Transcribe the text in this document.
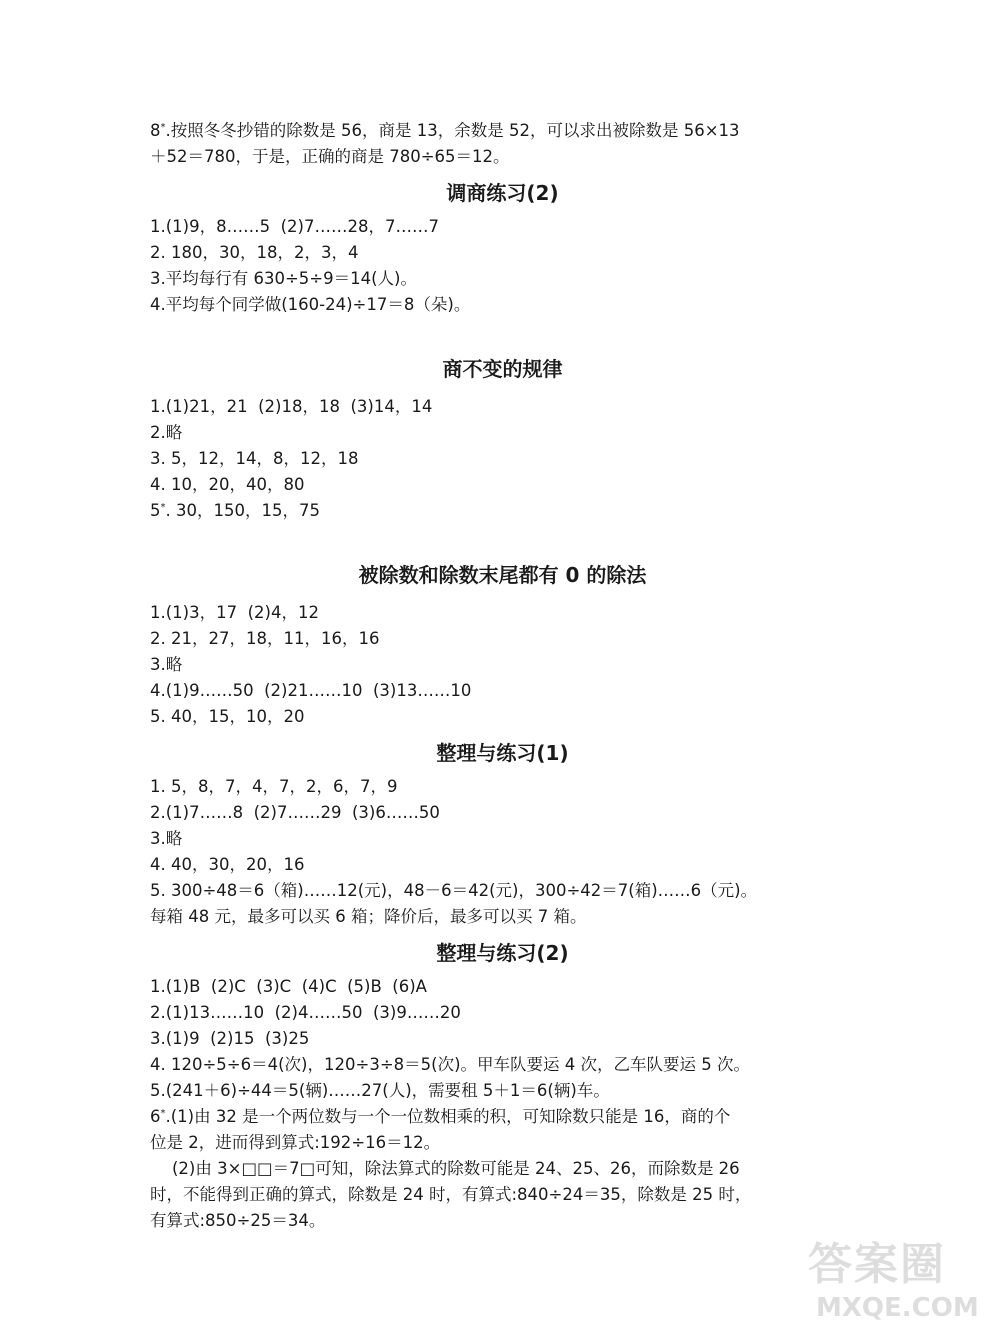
8*.按照冬冬抄错的除数是 56，商是 13，余数是 52，可以求出被除数是 56×13
＋52＝780，于是，正确的商是 780÷65＝12。
调商练习(2)
1.(1)9，8……5  (2)7……28，7……7
2. 180，30，18，2，3，4
3.平均每行有 630÷5÷9＝14(人)。
4.平均每个同学做(160-24)÷17＝8（朵)。
商不变的规律
1.(1)21，21  (2)18，18  (3)14，14
2.略
3. 5，12，14，8，12，18
4. 10，20，40，80
5*. 30，150，15，75
被除数和除数末尾都有 0 的除法
1.(1)3，17  (2)4，12
2. 21，27，18，11，16，16
3.略
4.(1)9……50  (2)21……10  (3)13……10
5. 40，15，10，20
整理与练习(1)
1. 5，8，7，4，7，2，6，7，9
2.(1)7……8  (2)7……29  (3)6……50
3.略
4. 40，30，20，16
5. 300÷48＝6（箱)……12(元)，48－6＝42(元)，300÷42＝7(箱)……6（元)。
每箱 48 元，最多可以买 6 箱；降价后，最多可以买 7 箱。
整理与练习(2)
1.(1)B  (2)C  (3)C  (4)C  (5)B  (6)A
2.(1)13……10  (2)4……50  (3)9……20
3.(1)9  (2)15  (3)25
4. 120÷5÷6＝4(次)，120÷3÷8＝5(次)。甲车队要运 4 次，乙车队要运 5 次。
5.(241＋6)÷44＝5(辆)……27(人)，需要租 5＋1＝6(辆)车。
6*.(1)由 32 是一个两位数与一个一位数相乘的积，可知除数只能是 16，商的个
位是 2，进而得到算式:192÷16＝12。
(2)由 3×□□＝7□可知，除法算式的除数可能是 24、25、26，而除数是 26
时，不能得到正确的算式，除数是 24 时，有算式:840÷24＝35，除数是 25 时，
有算式:850÷25＝34。
答案圈
MXQE.COM
